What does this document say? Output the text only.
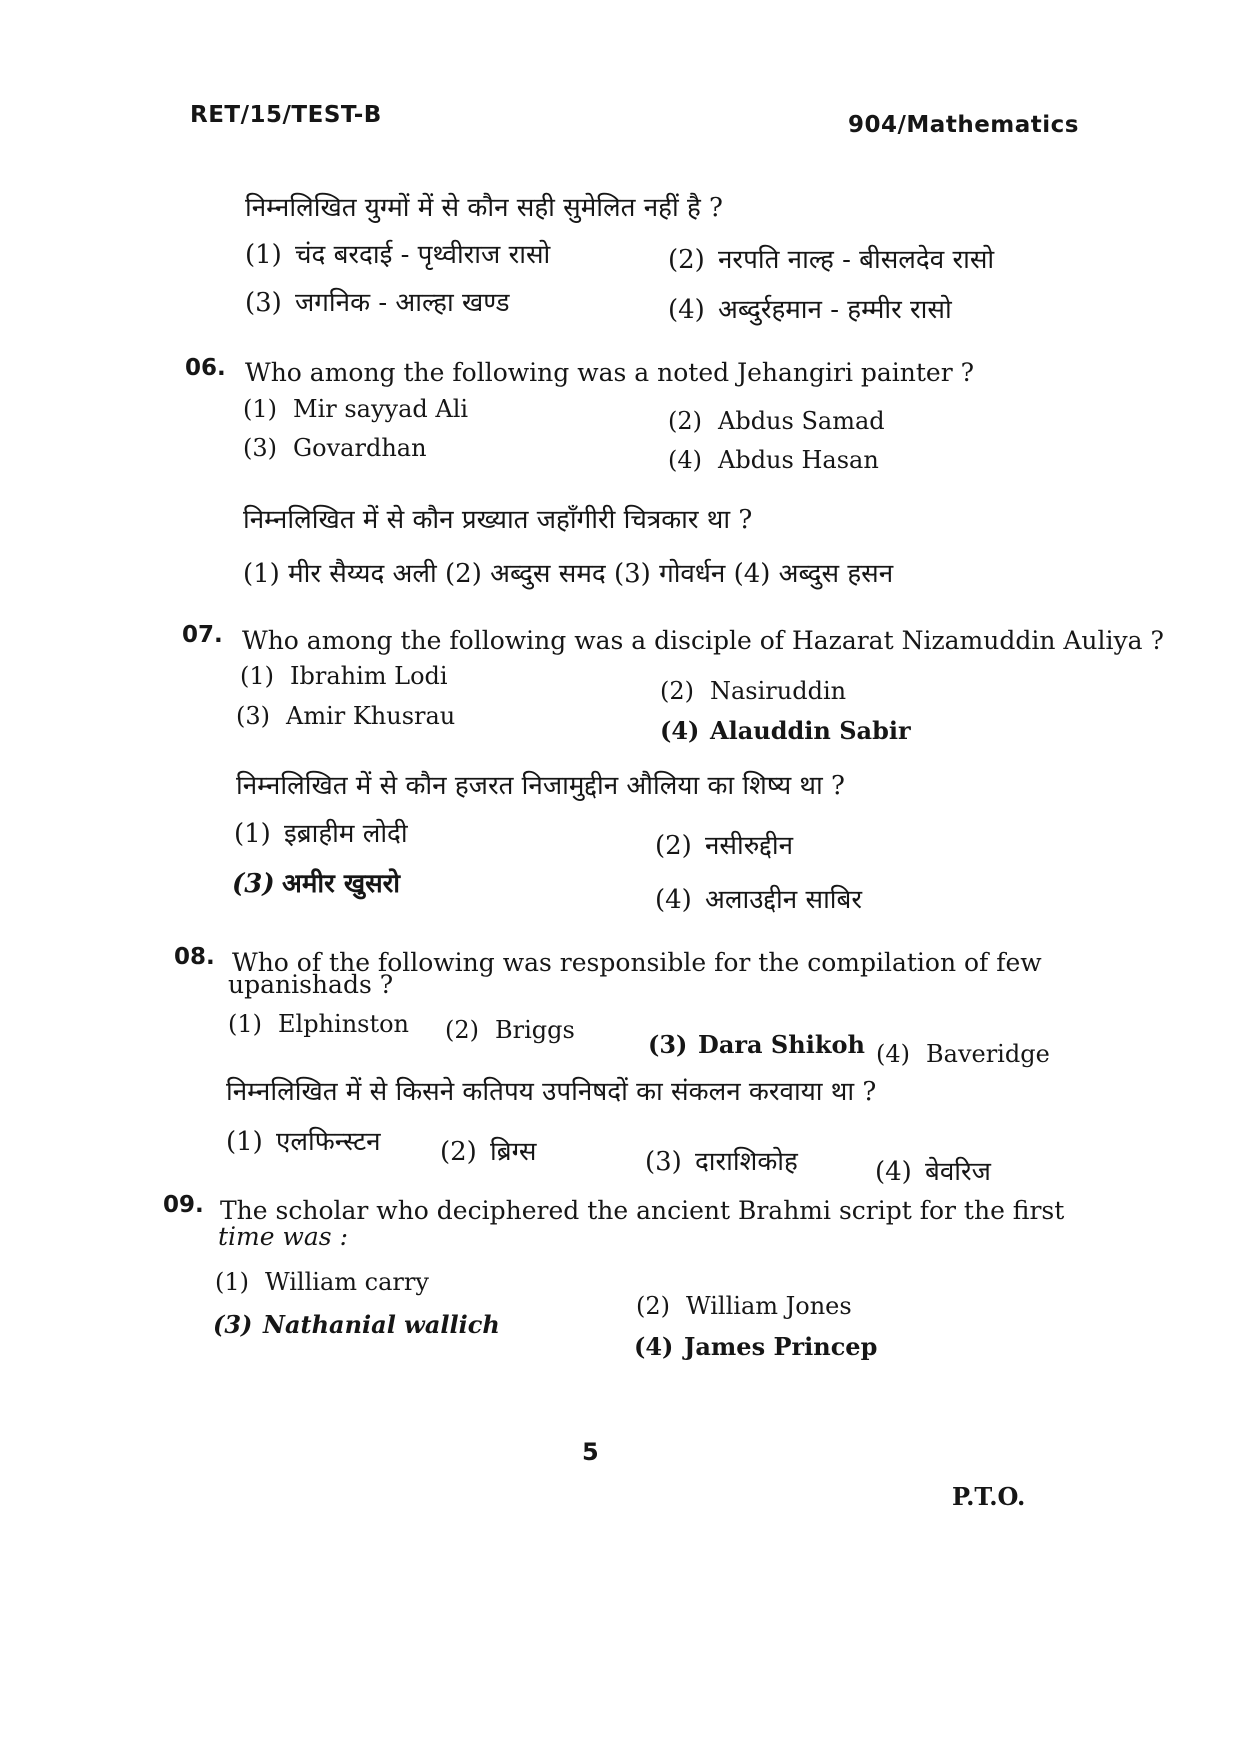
RET/15/TEST-B	904/Mathematics
निम्नलिखित युग्मों में से कौन सही सुमेलित नहीं है ?
(1) चंद बरदाई - पृथ्वीराज रासो	(2) नरपति नाल्ह - बीसलदेव रासो
(3) जगनिक - आल्हा खण्ड	(4) अब्दुर्रहमान - हम्मीर रासो
06. Who among the following was a noted Jehangiri painter ?
(1) Mir sayyad Ali	(2) Abdus Samad
(3) Govardhan	(4) Abdus Hasan
निम्नलिखित में से कौन प्रख्यात जहाँगीरी चित्रकार था ?
(1) मीर सैय्यद अली (2) अब्दुस समद (3) गोवर्धन (4) अब्दुस हसन
07. Who among the following was a disciple of Hazarat Nizamuddin Auliya ?
(1) Ibrahim Lodi
(2) Nasiruddin
(3) Amir Khusrau	(4) Alauddin Sabir
निम्नलिखित में से कौन हजरत निजामुद्दीन औलिया का शिष्य था ?
(1) इब्राहीम लोदी	(2) नसीरुद्दीन
(3) अमीर खुसरो
(4) अलाउद्दीन साबिर
08. Who of the following was responsible for the compilation of few
upanishads ?
(1) Elphinston (2) Briggs	(3) Dara Shikoh (4) Baveridge
निम्नलिखित में से किसने कतिपय उपनिषदों का संकलन करवाया था ?
(1) एलफिन्स्टन (2) ब्रिग्स	(3) दाराशिकोह	(4) बेवरिज
09. The scholar who deciphered the ancient Brahmi script for the first
time was :
(1) William carry
(2) William Jones
(3) Nathanial wallich
(4) James Princep
5
P.T.O.
